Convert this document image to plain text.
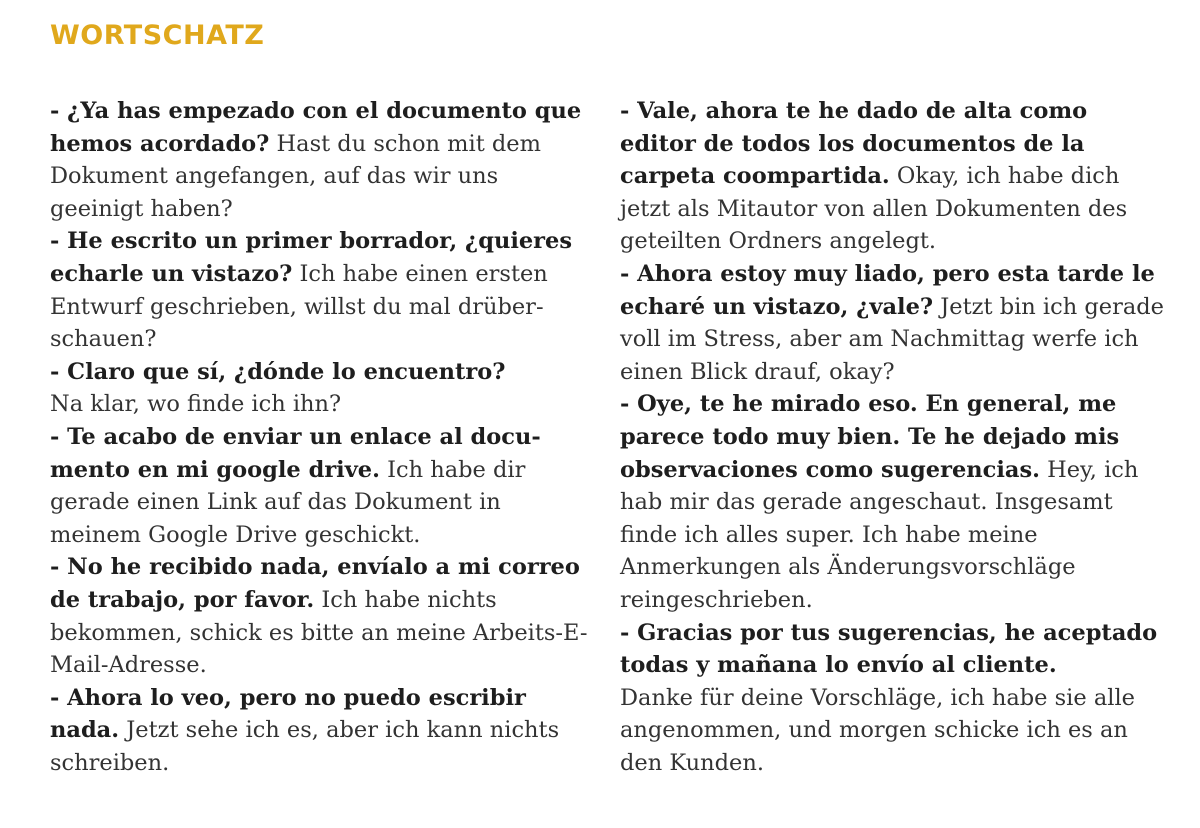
WORTSCHATZ

- ¿Ya has empezado con el documento que hemos acordado? Hast du schon mit dem Dokument angefangen, auf das wir uns geeinigt haben?

- He escrito un primer borrador, ¿quieres echarle un vistazo? Ich habe einen ersten Entwurf geschrieben, willst du mal drüberschauen?

- Claro que sí, ¿dónde lo encuentro?
Na klar, wo finde ich ihn?

- Te acabo de enviar un enlace al documento en mi google drive. Ich habe dir gerade einen Link auf das Dokument in meinem Google Drive geschickt.

- No he recibido nada, envíalo a mi correo de trabajo, por favor. Ich habe nichts bekommen, schick es bitte an meine Arbeits-E-Mail-Adresse.

- Ahora lo veo, pero no puedo escribir nada. Jetzt sehe ich es, aber ich kann nichts schreiben.

- Vale, ahora te he dado de alta como editor de todos los documentos de la carpeta coompartida. Okay, ich habe dich jetzt als Mitautor von allen Dokumenten des geteilten Ordners angelegt.

- Ahora estoy muy liado, pero esta tarde le echaré un vistazo, ¿vale? Jetzt bin ich gerade voll im Stress, aber am Nachmittag werfe ich einen Blick drauf, okay?

- Oye, te he mirado eso. En general, me parece todo muy bien. Te he dejado mis observaciones como sugerencias. Hey, ich hab mir das gerade angeschaut. Insgesamt finde ich alles super. Ich habe meine Anmerkungen als Änderungsvorschläge reingeschrieben.

- Gracias por tus sugerencias, he aceptado todas y mañana lo envío al cliente.
Danke für deine Vorschläge, ich habe sie alle angenommen, und morgen schicke ich es an den Kunden.
